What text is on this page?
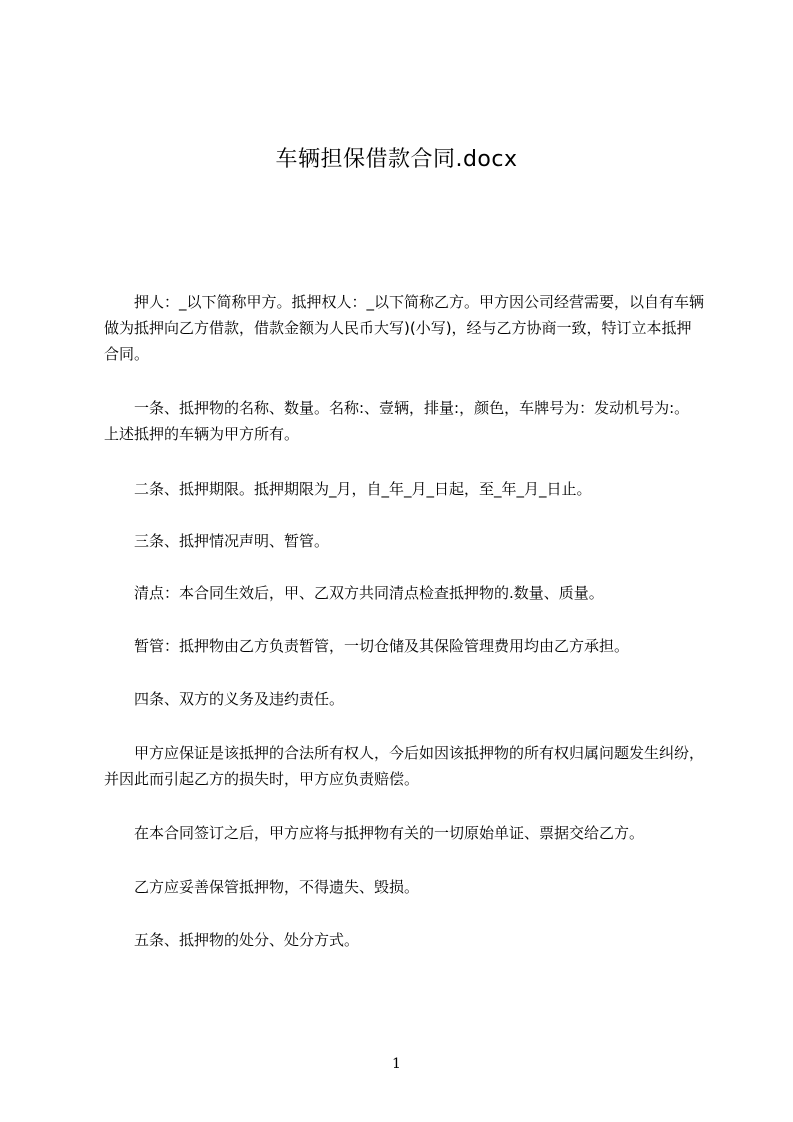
车辆担保借款合同.docx
　　押人：_以下简称甲方。抵押权人：_以下简称乙方。甲方因公司经营需要，以自有车辆做为抵押向乙方借款，借款金额为人民币大写)(小写)，经与乙方协商一致，特订立本抵押合同。
　　一条、抵押物的名称、数量。名称:、壹辆，排量:，颜色，车牌号为：发动机号为:。上述抵押的车辆为甲方所有。
　　二条、抵押期限。抵押期限为_月，自_年_月_日起，至_年_月_日止。
　　三条、抵押情况声明、暂管。
　　清点：本合同生效后，甲、乙双方共同清点检查抵押物的.数量、质量。
　　暂管：抵押物由乙方负责暂管，一切仓储及其保险管理费用均由乙方承担。
　　四条、双方的义务及违约责任。
　　甲方应保证是该抵押的合法所有权人，今后如因该抵押物的所有权归属问题发生纠纷，并因此而引起乙方的损失时，甲方应负责赔偿。
　　在本合同签订之后，甲方应将与抵押物有关的一切原始单证、票据交给乙方。
　　乙方应妥善保管抵押物，不得遗失、毁损。
　　五条、抵押物的处分、处分方式。
1
